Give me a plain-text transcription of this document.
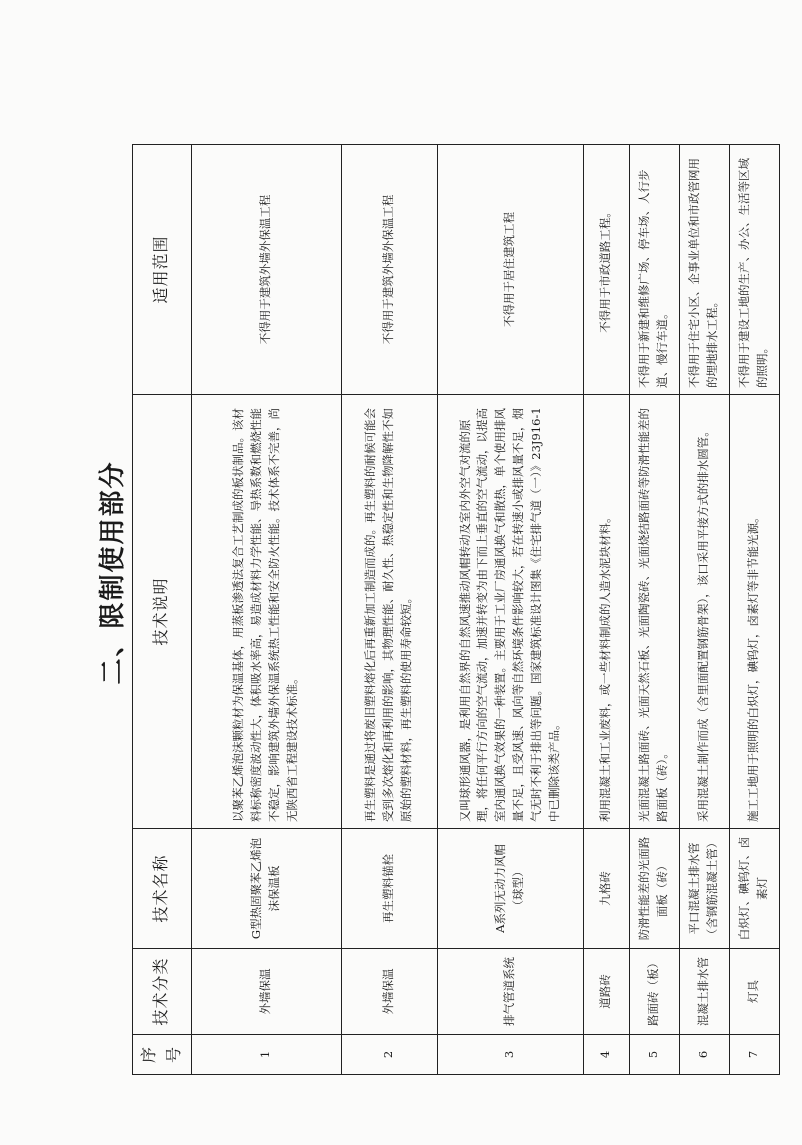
二、限制使用部分
序号	技术分类	技术名称	技术说明	适用范围
1	外墙保温	G型热固聚苯乙烯泡沫保温板	以聚苯乙烯泡沫颗粒材为保温基体，用蒸板渗透法复合工艺制成的板状制品。该材料标称密度波动性大，体积吸水率高，易造成材料力学性能、导热系数和燃烧性能不稳定，影响建筑外墙外保温系统热工性能和安全防火性能。技术体系不完善，尚无陕西省工程建设技术标准。	不得用于建筑外墙外保温工程
2	外墙保温	再生塑料锚栓	再生塑料是通过将废旧塑料熔化后再重新加工制造而成的。再生塑料的耐候可能会受到多次熔化和再利用的影响，其物理性能、耐久性、热稳定性和生物降解性不如原始的塑料材料，再生塑料的使用寿命较短。	不得用于建筑外墙外保温工程
3	排气管道系统	A系列无动力风帽（球型）	又叫球形通风器，是利用自然界的自然风速推动风帽转动及室内外空气对流的原理，将任何平行方向的空气流动，加速并转变为由下而上垂直的空气流动，以提高室内通风换气效果的一种装置。主要用于工业厂房通风换气和散热，单个使用排风量不足，且受风速、风向等自然环境条件影响较大，若在转速小或排风量不足，烟气无时不利于排出等问题。国家建筑标准设计图集《住宅排气道（一）》23J916-1中已删除该类产品。	不得用于居住建筑工程
4	道路砖	九格砖	利用混凝土和工业废料，或一些材料制成的人造水泥块材料。	不得用于市政道路工程。
5	路面砖（板）	防滑性能差的光面路面板（砖）	光面混凝土路面砖、光面天然石板、光面陶瓷砖、光面烧结路面砖等防滑性能差的路面板（砖）。	不得用于新建和维修广场、停车场、人行步道、慢行车道。
6	混凝土排水管	平口混凝土排水管（含钢筋混凝土管）	采用混凝土制作而成（含里面配置钢筋骨架），该口采用平接方式的排水圆管。	不得用于住宅小区、企事业单位和市政管网用的埋地排水工程。
7	灯具	白炽灯、碘钨灯、卤素灯	施工工地用于照明的白炽灯，碘钨灯，卤素灯等非节能光源。	不得用于建设工地的生产、办公、生活等区域的照明。
